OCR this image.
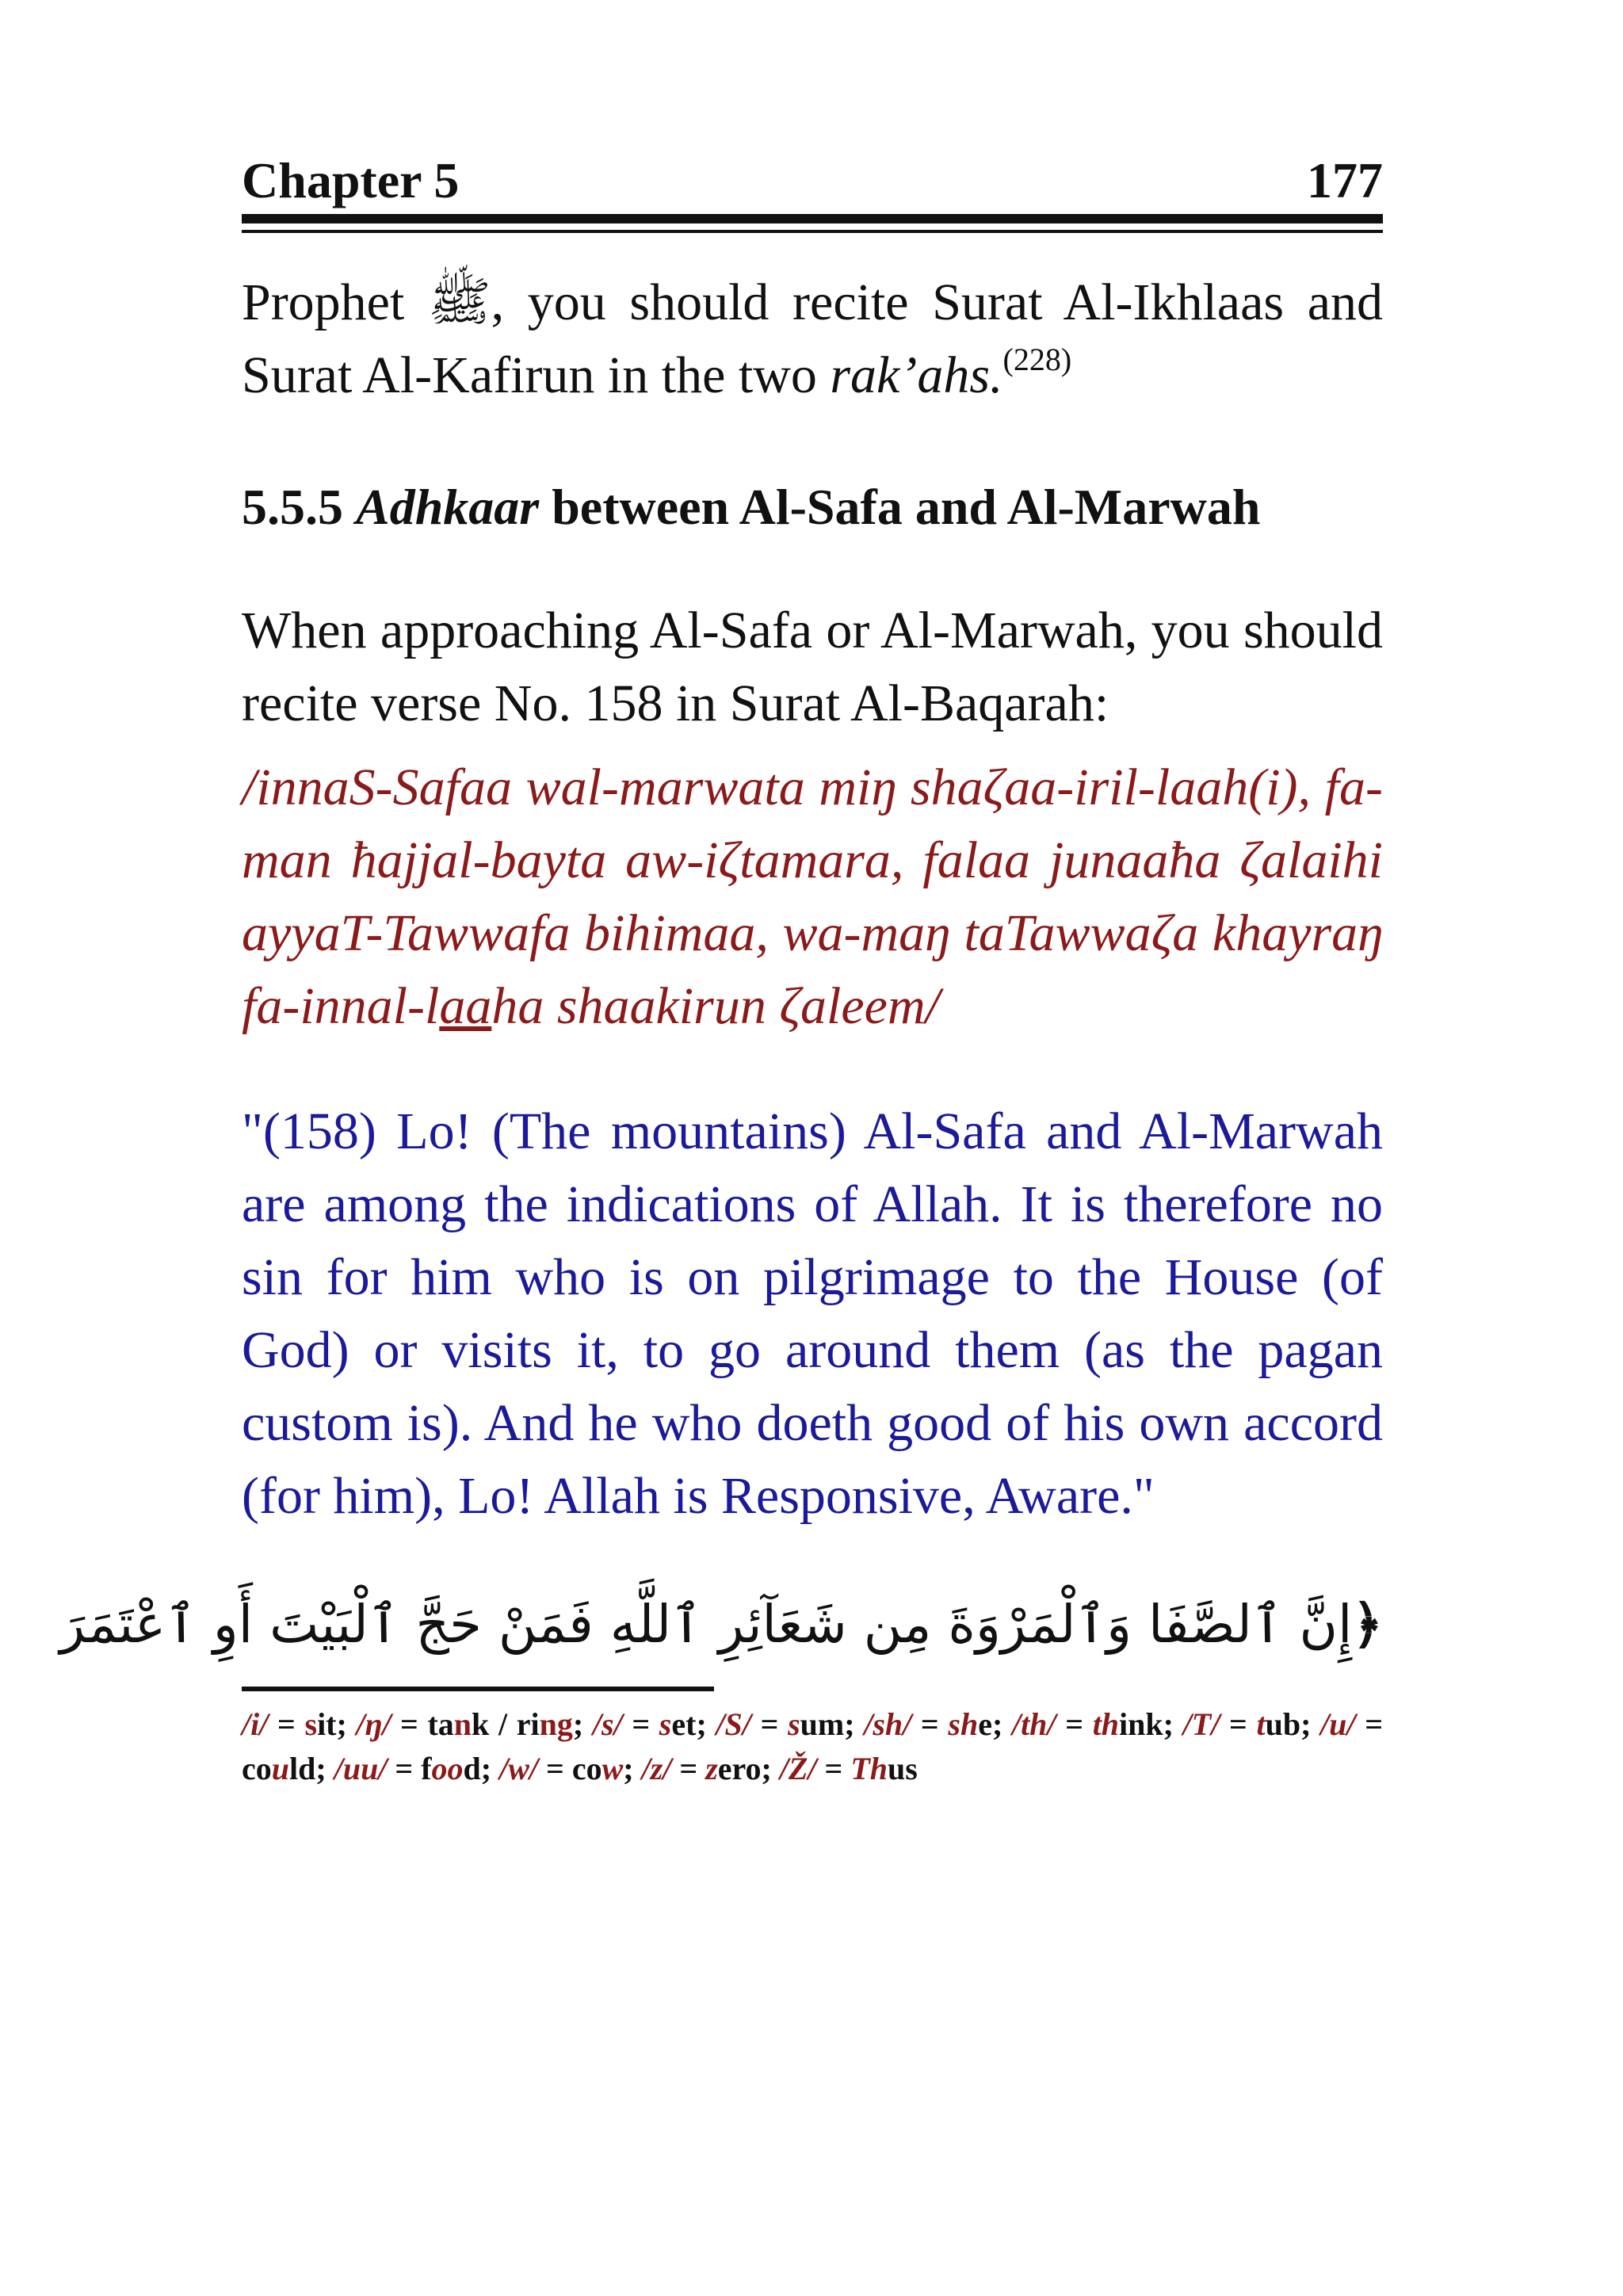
Chapter 5	177

Prophet ﷺ, you should recite Surat Al-Ikhlaas and Surat Al-Kafirun in the two rak’ahs.$^{(228)}$

5.5.5 Adhkaar between Al-Safa and Al-Marwah

When approaching Al-Safa or Al-Marwah, you should recite verse No. 158 in Surat Al-Baqarah:

/innaS-Safaa wal-marwata miŋ shaζaa-iril-laah(i), fa-man ħajjal-bayta aw-iζtamara, falaa junaaħa ζalaihi ayyaT-Tawwafa bihimaa, wa-maŋ taTawwaζa khayraŋ fa-innal-laaha shaakirun ζaleem/

"(158) Lo! (The mountains) Al-Safa and Al-Marwah are among the indications of Allah. It is therefore no sin for him who is on pilgrimage to the House (of God) or visits it, to go around them (as the pagan custom is). And he who doeth good of his own accord (for him), Lo! Allah is Responsive, Aware."

﴿إِنَّ ٱلصَّفَا وَٱلْمَرْوَةَ مِن شَعَآئِرِ ٱللَّهِ فَمَنْ حَجَّ ٱلْبَيْتَ أَوِ ٱعْتَمَرَ

/i/ = sit; /ŋ/ = tank / ring; /s/ = set; /S/ = sum; /sh/ = she; /th/ = think; /T/ = tub; /u/ = could; /uu/ = food; /w/ = cow; /z/ = zero; /Ž/ = Thus
